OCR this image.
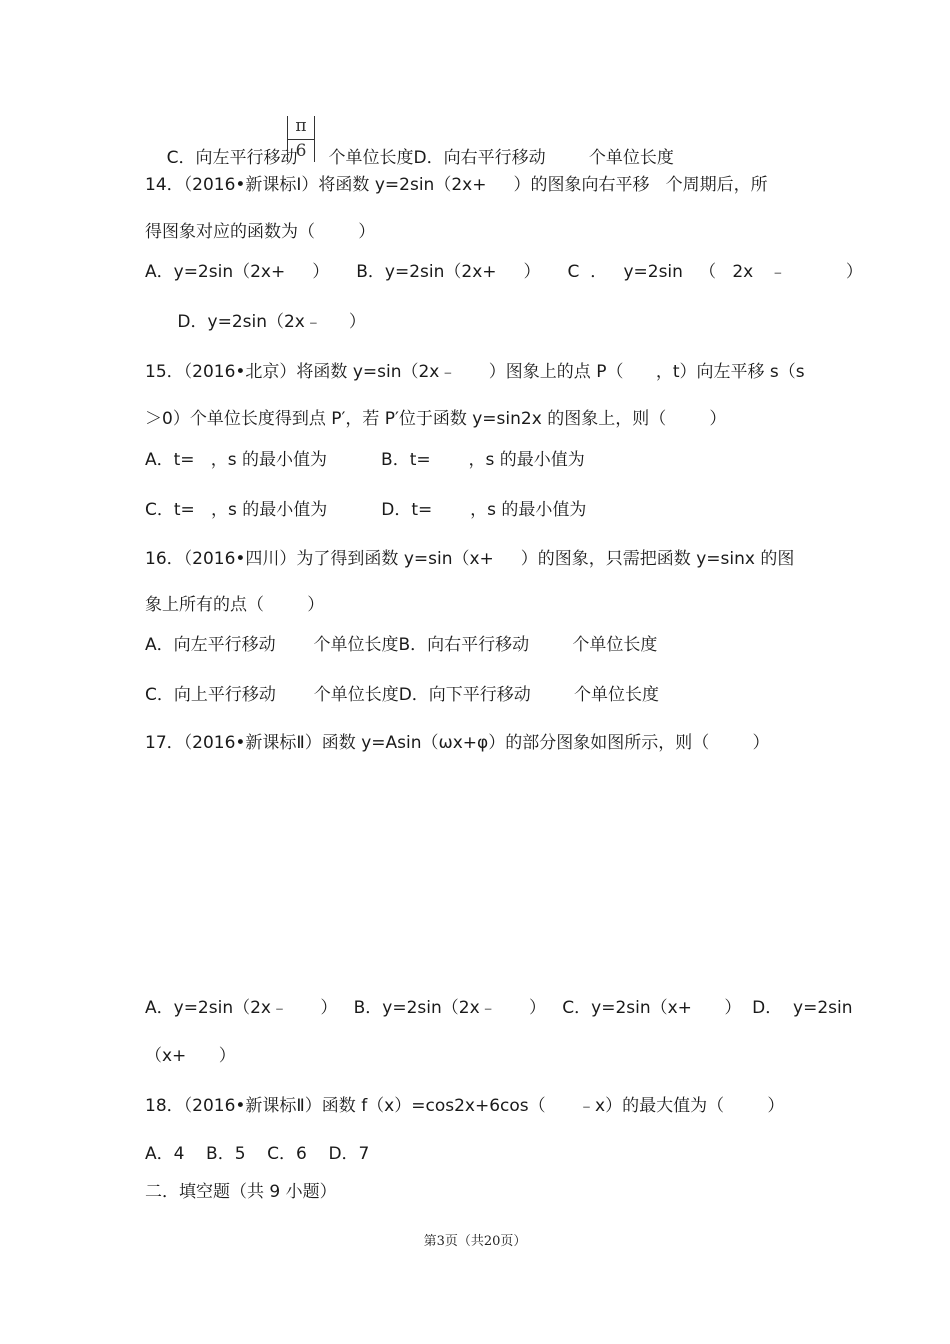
C．向左平行移动 个单位长度D．向右平行移动        个单位长度

π
6
14．（2016•新课标Ⅰ）将函数 y=2sin（2x+     ）的图象向右平移   个周期后，所
得图象对应的函数为（        ）
A．y=2sin（2x+     ）     B．y=2sin（2x+     ）     C  ．   y=2sin   （   2x   ﹣           ）
D．y=2sin（2x﹣     ）
15．（2016•北京）将函数 y=sin（2x﹣      ）图象上的点 P（      ，t）向左平移 s（s
＞0）个单位长度得到点 P′，若 P′位于函数 y=sin2x 的图象上，则（        ）
A．t=   ，s 的最小值为          B．t=       ，s 的最小值为
C．t=   ，s 的最小值为          D．t=       ，s 的最小值为
16．（2016•四川）为了得到函数 y=sin（x+     ）的图象，只需把函数 y=sinx 的图
象上所有的点（        ）
A．向左平行移动       个单位长度B．向右平行移动        个单位长度
C．向上平行移动       个单位长度D．向下平行移动        个单位长度
17．（2016•新课标Ⅱ）函数 y=Asin（ωx+φ）的部分图象如图所示，则（        ）
A．y=2sin（2x﹣      ）   B．y=2sin（2x﹣      ）   C．y=2sin（x+      ）  D．  y=2sin
（x+      ）
18．（2016•新课标Ⅱ）函数 f（x）=cos2x+6cos（      ﹣x）的最大值为（        ）
A．4    B．5    C．6    D．7
二．填空题（共 9 小题）
第3页（共20页）
